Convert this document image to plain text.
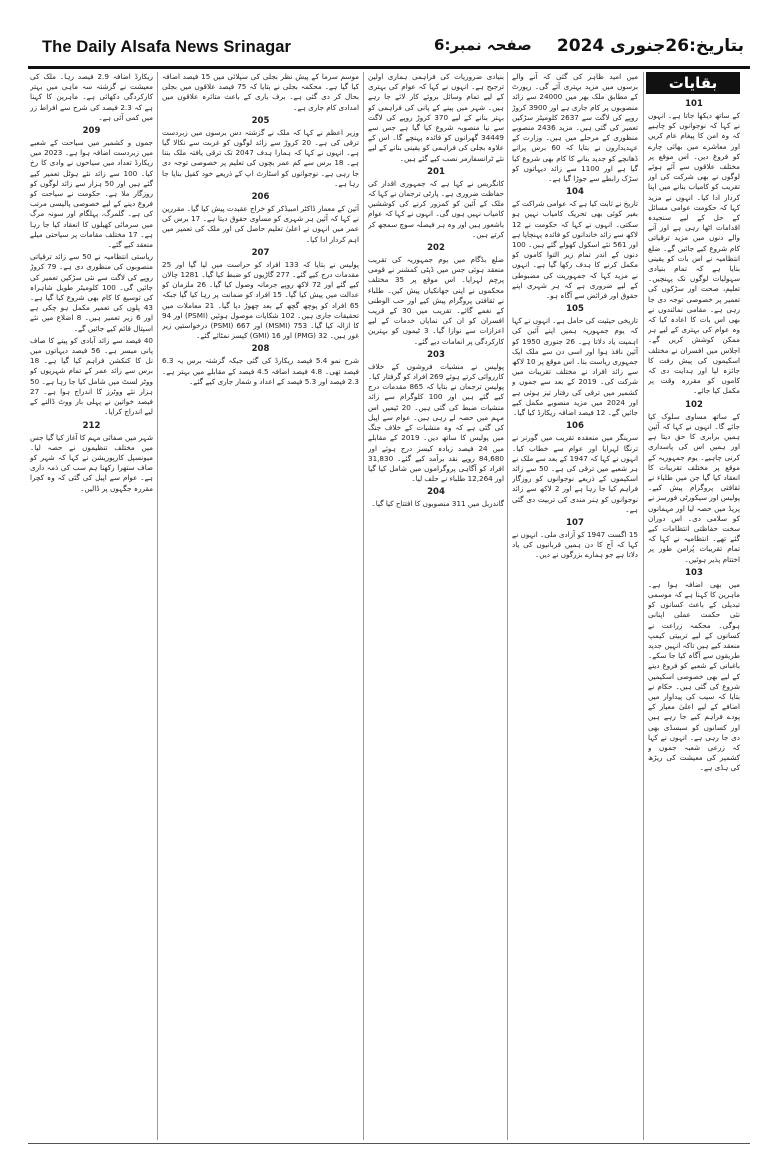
The Daily Alsafa News Srinagar	صفحہ نمبر:6 بتاریخ:26جنوری 2024
بقایات
101

کے ساتھ دیکھا جاتا ہے۔ انہوں نے کہا کہ نوجوانوں کو چاہیے کہ وہ امن کا پیغام عام کریں اور معاشرے میں بھائی چارے کو فروغ دیں۔ اس موقع پر مختلف علاقوں سے آئے ہوئے لوگوں نے بھی شرکت کی اور تقریب کو کامیاب بنانے میں اپنا کردار ادا کیا۔ انہوں نے مزید کہا کہ حکومت عوامی مسائل کے حل کے لیے سنجیدہ اقدامات اٹھا رہی ہے اور آنے والے دنوں میں مزید ترقیاتی کام شروع کیے جائیں گے۔ ضلع انتظامیہ نے اس بات کو یقینی بنایا ہے کہ تمام بنیادی سہولیات لوگوں تک پہنچیں۔ تعلیم، صحت اور سڑکوں کی تعمیر پر خصوصی توجہ دی جا رہی ہے۔ مقامی نمائندوں نے بھی اس بات کا اعادہ کیا کہ وہ عوام کی بہتری کے لیے ہر ممکن کوشش کریں گے۔ اجلاس میں افسران نے مختلف اسکیموں کی پیش رفت کا جائزہ لیا اور ہدایت دی کہ کاموں کو مقررہ وقت پر مکمل کیا جائے۔

102

کے ساتھ مساوی سلوک کیا جائے گا۔ انہوں نے کہا کہ آئین ہمیں برابری کا حق دیتا ہے اور ہمیں اس کی پاسداری کرنی چاہیے۔ یوم جمہوریہ کے موقع پر مختلف تقریبات کا انعقاد کیا گیا جن میں طلباء نے ثقافتی پروگرام پیش کیے۔ پولیس اور سیکورٹی فورسز نے پریڈ میں حصہ لیا اور مہمانوں کو سلامی دی۔ اس دوران سخت حفاظتی انتظامات کیے گئے تھے۔ انتظامیہ نے کہا کہ تمام تقریبات پُرامن طور پر اختتام پذیر ہوئیں۔

103

میں بھی اضافہ ہوا ہے۔ ماہرین کا کہنا ہے کہ موسمی تبدیلی کے باعث کسانوں کو نئی حکمت عملی اپنانی ہوگی۔ محکمہ زراعت نے کسانوں کے لیے تربیتی کیمپ منعقد کیے ہیں تاکہ انہیں جدید طریقوں سے آگاہ کیا جا سکے۔ باغبانی کے شعبے کو فروغ دینے کے لیے بھی خصوصی اسکیمیں شروع کی گئی ہیں۔ حکام نے بتایا کہ سیب کی پیداوار میں اضافے کے لیے اعلیٰ معیار کے پودے فراہم کیے جا رہے ہیں اور کسانوں کو سبسڈی بھی دی جا رہی ہے۔ انہوں نے کہا کہ زرعی شعبہ جموں و کشمیر کی معیشت کی ریڑھ کی ہڈی ہے۔

میں امید ظاہر کی گئی کہ آنے والے برسوں میں مزید بہتری آئے گی۔ رپورٹ کے مطابق ملک بھر میں 24000 سے زائد منصوبوں پر کام جاری ہے اور 3900 کروڑ روپے کی لاگت سے 2637 کلومیٹر سڑکیں تعمیر کی گئی ہیں۔ مزید 2436 منصوبے منظوری کے مرحلے میں ہیں۔ وزارت کے عہدیداروں نے بتایا کہ 60 برس پرانے ڈھانچے کو جدید بنانے کا کام بھی شروع کیا گیا ہے اور 1100 سے زائد دیہاتوں کو سڑک رابطے سے جوڑا گیا ہے۔

104

تاریخ نے ثابت کیا ہے کہ عوامی شراکت کے بغیر کوئی بھی تحریک کامیاب نہیں ہو سکتی۔ انہوں نے کہا کہ حکومت نے 12 لاکھ سے زائد خاندانوں کو فائدہ پہنچایا ہے اور 561 نئے اسکول کھولے گئے ہیں۔ 100 دنوں کے اندر تمام زیر التوا کاموں کو مکمل کرنے کا ہدف رکھا گیا ہے۔ انہوں نے مزید کہا کہ جمہوریت کی مضبوطی کے لیے ضروری ہے کہ ہر شہری اپنے حقوق اور فرائض سے آگاہ ہو۔

105

تاریخی حیثیت کی حامل ہے۔ انہوں نے کہا کہ یوم جمہوریہ ہمیں اپنے آئین کی اہمیت یاد دلاتا ہے۔ 26 جنوری 1950 کو آئین نافذ ہوا اور اسی دن سے ملک ایک جمہوری ریاست بنا۔ اس موقع پر 10 لاکھ سے زائد افراد نے مختلف تقریبات میں شرکت کی۔ 2019 کے بعد سے جموں و کشمیر میں ترقی کی رفتار تیز ہوئی ہے اور 2024 میں مزید منصوبے مکمل کیے جائیں گے۔ 12 فیصد اضافہ ریکارڈ کیا گیا۔

106

سرینگر میں منعقدہ تقریب میں گورنر نے ترنگا لہرایا اور عوام سے خطاب کیا۔ انہوں نے کہا کہ 1947 کے بعد سے ملک نے ہر شعبے میں ترقی کی ہے۔ 50 سے زائد اسکیموں کے ذریعے نوجوانوں کو روزگار فراہم کیا جا رہا ہے اور 2 لاکھ سے زائد نوجوانوں کو ہنر مندی کی تربیت دی گئی ہے۔

107

15 اگست 1947 کو آزادی ملی۔ انہوں نے کہا کہ آج کا دن ہمیں قربانیوں کی یاد دلاتا ہے جو ہمارے بزرگوں نے دیں۔

بنیادی ضروریات کی فراہمی ہماری اولین ترجیح ہے۔ انہوں نے کہا کہ عوام کی بہتری کے لیے تمام وسائل بروئے کار لائے جا رہے ہیں۔ شہر میں پینے کے پانی کی فراہمی کو بہتر بنانے کے لیے 370 کروڑ روپے کی لاگت سے نیا منصوبہ شروع کیا گیا ہے جس سے 34449 گھرانوں کو فائدہ پہنچے گا۔ اس کے علاوہ بجلی کی فراہمی کو یقینی بنانے کے لیے نئے ٹرانسفارمر نصب کیے گئے ہیں۔

201

کانگریس نے کہا ہے کہ جمہوری اقدار کی حفاظت ضروری ہے۔ پارٹی ترجمان نے کہا کہ ملک کے آئین کو کمزور کرنے کی کوششیں کامیاب نہیں ہوں گی۔ انہوں نے کہا کہ عوام باشعور ہیں اور وہ ہر فیصلہ سوچ سمجھ کر کرتے ہیں۔

202

ضلع بڈگام میں یوم جمہوریہ کی تقریب منعقد ہوئی جس میں ڈپٹی کمشنر نے قومی پرچم لہرایا۔ اس موقع پر 35 مختلف محکموں نے اپنی جھانکیاں پیش کیں۔ طلباء نے ثقافتی پروگرام پیش کیے اور حب الوطنی کے نغمے گائے۔ تقریب میں 30 کے قریب افسران کو ان کی نمایاں خدمات کے لیے اعزازات سے نوازا گیا۔ 3 ٹیموں کو بہترین کارکردگی پر انعامات دیے گئے۔

203

پولیس نے منشیات فروشوں کے خلاف کارروائی کرتے ہوئے 269 افراد کو گرفتار کیا۔ پولیس ترجمان نے بتایا کہ 865 مقدمات درج کیے گئے ہیں اور 100 کلوگرام سے زائد منشیات ضبط کی گئی ہیں۔ 20 ٹیمیں اس مہم میں حصہ لے رہی ہیں۔ عوام سے اپیل کی گئی ہے کہ وہ منشیات کے خلاف جنگ میں پولیس کا ساتھ دیں۔ 2019 کے مقابلے میں 24 فیصد زیادہ کیسز درج ہوئے اور 84,680 روپے نقد برآمد کیے گئے۔ 31,830 افراد کو آگاہی پروگراموں میں شامل کیا گیا اور 12,264 طلباء نے حلف لیا۔

204

گاندربل میں 311 منصوبوں کا افتتاح کیا گیا۔

موسم سرما کے پیش نظر بجلی کی سپلائی میں 15 فیصد اضافہ کیا گیا ہے۔ محکمہ بجلی نے بتایا کہ 75 فیصد علاقوں میں بجلی بحال کر دی گئی ہے۔ برف باری کے باعث متاثرہ علاقوں میں امدادی کام جاری ہے۔

205

وزیر اعظم نے کہا کہ ملک نے گزشتہ دس برسوں میں زبردست ترقی کی ہے۔ 20 کروڑ سے زائد لوگوں کو غربت سے نکالا گیا ہے۔ انہوں نے کہا کہ ہمارا ہدف 2047 تک ترقی یافتہ ملک بننا ہے۔ 18 برس سے کم عمر بچوں کی تعلیم پر خصوصی توجہ دی جا رہی ہے۔ نوجوانوں کو اسٹارٹ اپ کے ذریعے خود کفیل بنایا جا رہا ہے۔

206

آئین کے معمار ڈاکٹر امبیڈکر کو خراج عقیدت پیش کیا گیا۔ مقررین نے کہا کہ آئین ہر شہری کو مساوی حقوق دیتا ہے۔ 17 برس کی عمر میں انہوں نے اعلیٰ تعلیم حاصل کی اور ملک کی تعمیر میں اہم کردار ادا کیا۔

207

پولیس نے بتایا کہ 133 افراد کو حراست میں لیا گیا اور 25 مقدمات درج کیے گئے۔ 277 گاڑیوں کو ضبط کیا گیا۔ 1281 چالان کیے گئے اور 72 لاکھ روپے جرمانہ وصول کیا گیا۔ 26 ملزمان کو عدالت میں پیش کیا گیا۔ 15 افراد کو ضمانت پر رہا کیا گیا جبکہ 65 افراد کو پوچھ گچھ کے بعد چھوڑ دیا گیا۔ 21 معاملات میں تحقیقات جاری ہیں۔ 102 شکایات موصول ہوئیں (PSMI) اور 94 کا ازالہ کیا گیا۔ 753 (MSMI) اور 667 (PSMI) درخواستیں زیر غور ہیں۔ 32 (PMG) اور 16 (GMI) کیسز نمٹائے گئے۔

208

شرح نمو 5.4 فیصد ریکارڈ کی گئی جبکہ گزشتہ برس یہ 6.3 فیصد تھی۔ 4.8 فیصد اضافہ 4.5 فیصد کے مقابلے میں بہتر ہے۔ 2.3 فیصد اور 5.3 فیصد کے اعداد و شمار جاری کیے گئے۔

ریکارڈ اضافہ 2.9 فیصد رہا۔ ملک کی معیشت نے گزشتہ سہ ماہی میں بہتر کارکردگی دکھائی ہے۔ ماہرین کا کہنا ہے کہ 2.3 فیصد کی شرح سے افراط زر میں کمی آئی ہے۔

209

جموں و کشمیر میں سیاحت کے شعبے میں زبردست اضافہ ہوا ہے۔ 2023 میں ریکارڈ تعداد میں سیاحوں نے وادی کا رخ کیا۔ 100 سے زائد نئے ہوٹل تعمیر کیے گئے ہیں اور 50 ہزار سے زائد لوگوں کو روزگار ملا ہے۔ حکومت نے سیاحت کو فروغ دینے کے لیے خصوصی پالیسی مرتب کی ہے۔ گلمرگ، پہلگام اور سونہ مرگ میں سرمائی کھیلوں کا انعقاد کیا جا رہا ہے۔ 17 مختلف مقامات پر سیاحتی میلے منعقد کیے گئے۔

ریاستی انتظامیہ نے 50 سے زائد ترقیاتی منصوبوں کی منظوری دی ہے۔ 79 کروڑ روپے کی لاگت سے نئی سڑکیں تعمیر کی جائیں گی۔ 100 کلومیٹر طویل شاہراہ کی توسیع کا کام بھی شروع کیا گیا ہے۔ 43 پلوں کی تعمیر مکمل ہو چکی ہے اور 6 زیر تعمیر ہیں۔ 8 اضلاع میں نئے اسپتال قائم کیے جائیں گے۔

40 فیصد سے زائد آبادی کو پینے کا صاف پانی میسر ہے۔ 56 فیصد دیہاتوں میں نل کا کنکشن فراہم کیا گیا ہے۔ 18 برس سے زائد عمر کے تمام شہریوں کو ووٹر لسٹ میں شامل کیا جا رہا ہے۔ 50 ہزار نئے ووٹرز کا اندراج ہوا ہے۔ 27 فیصد خواتین نے پہلی بار ووٹ ڈالنے کے لیے اندراج کرایا۔

212

شہر میں صفائی مہم کا آغاز کیا گیا جس میں مختلف تنظیموں نے حصہ لیا۔ میونسپل کارپوریشن نے کہا کہ شہر کو صاف ستھرا رکھنا ہم سب کی ذمہ داری ہے۔ عوام سے اپیل کی گئی کہ وہ کچرا مقررہ جگہوں پر ڈالیں۔
